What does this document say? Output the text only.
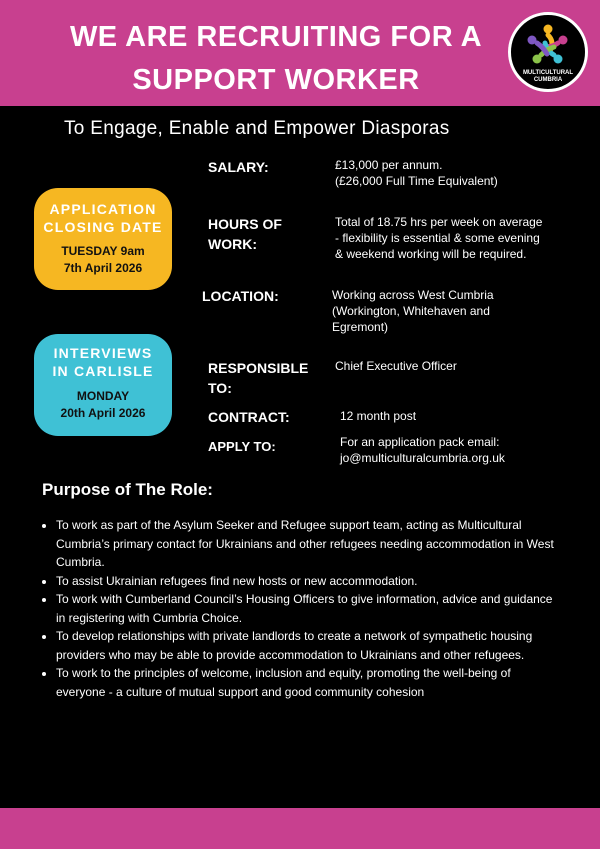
WE ARE RECRUITING FOR A SUPPORT WORKER	MULTICULTURAL
CUMBRIA
To Engage, Enable and Empower Diasporas
APPLICATION
CLOSING DATE
TUESDAY 9am
7th April 2026
INTERVIEWS
IN CARLISLE
MONDAY
20th April 2026
SALARY:	£13,000 per annum.
(£26,000 Full Time Equivalent)
HOURS OF
WORK:
Total of 18.75 hrs per week on average
- flexibility is essential & some evening
& weekend working will be required.
LOCATION:	Working across West Cumbria
(Workington, Whitehaven and
Egremont)
RESPONSIBLE
TO:
Chief Executive Officer
CONTRACT:	12 month post
APPLY TO:	For an application pack email:
jo@multiculturalcumbria.org.uk
Purpose of The Role:
To work as part of the Asylum Seeker and Refugee support team, acting as Multicultural Cumbria’s primary contact for Ukrainians and other refugees needing accommodation in West Cumbria.
To assist Ukrainian refugees find new hosts or new accommodation.
To work with Cumberland Council’s Housing Officers to give information, advice and guidance in registering with Cumbria Choice.
To develop relationships with private landlords to create a network of sympathetic housing providers who may be able to provide accommodation to Ukrainians and other refugees.
To work to the principles of welcome, inclusion and equity, promoting the well-being of everyone - a culture of mutual support and good community cohesion
